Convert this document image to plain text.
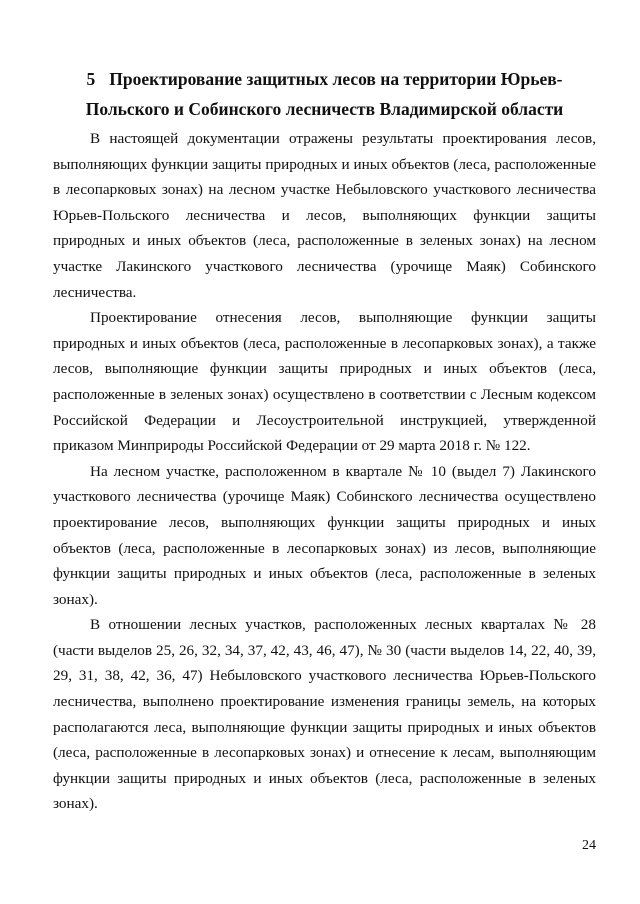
5 Проектирование защитных лесов на территории Юрьев-Польского и Собинского лесничеств Владимирской области

В настоящей документации отражены результаты проектирования лесов, выполняющих функции защиты природных и иных объектов (леса, расположенные в лесопарковых зонах) на лесном участке Небыловского участкового лесничества Юрьев-Польского лесничества и лесов, выполняющих функции защиты природных и иных объектов (леса, расположенные в зеленых зонах) на лесном участке Лакинского участкового лесничества (урочище Маяк) Собинского лесничества.

Проектирование отнесения лесов, выполняющие функции защиты природных и иных объектов (леса, расположенные в лесопарковых зонах), а также лесов, выполняющие функции защиты природных и иных объектов (леса, расположенные в зеленых зонах) осуществлено в соответствии с Лесным кодексом Российской Федерации и Лесоустроительной инструкцией, утвержденной приказом Минприроды Российской Федерации от 29 марта 2018 г. № 122.

На лесном участке, расположенном в квартале № 10 (выдел 7) Лакинского участкового лесничества (урочище Маяк) Собинского лесничества осуществлено проектирование лесов, выполняющих функции защиты природных и иных объектов (леса, расположенные в лесопарковых зонах) из лесов, выполняющие функции защиты природных и иных объектов (леса, расположенные в зеленых зонах).

В отношении лесных участков, расположенных лесных кварталах № 28 (части выделов 25, 26, 32, 34, 37, 42, 43, 46, 47), № 30 (части выделов 14, 22, 40, 39, 29, 31, 38, 42, 36, 47) Небыловского участкового лесничества Юрьев-Польского лесничества, выполнено проектирование изменения границы земель, на которых располагаются леса, выполняющие функции защиты природных и иных объектов (леса, расположенные в лесопарковых зонах) и отнесение к лесам, выполняющим функции защиты природных и иных объектов (леса, расположенные в зеленых зонах).

24
